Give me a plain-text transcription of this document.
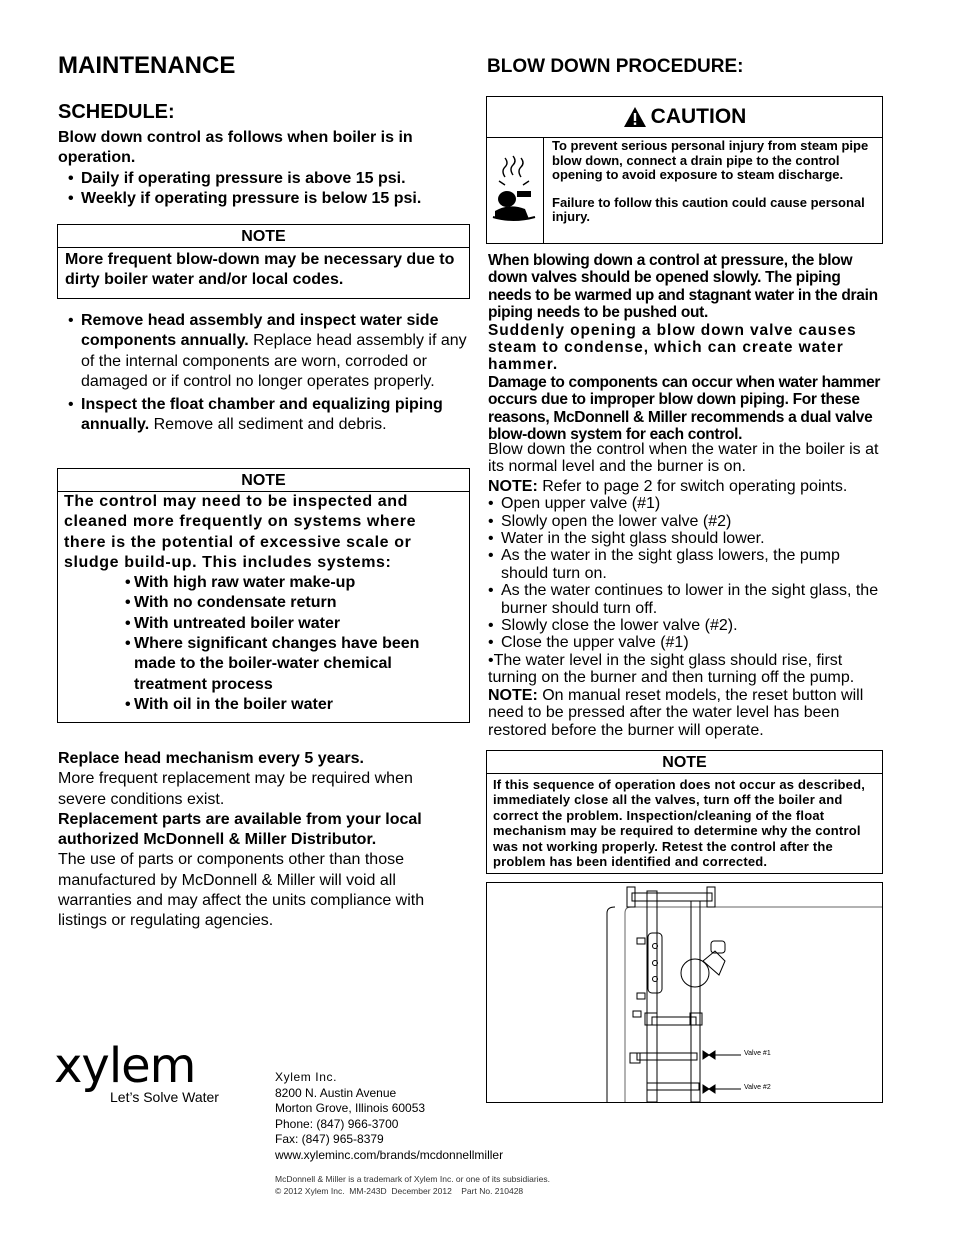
MAINTENANCE
SCHEDULE:
Blow down control as follows when boiler is in operation.
• Daily if operating pressure is above 15 psi.
• Weekly if operating pressure is below 15 psi.
NOTE
More frequent blow-down may be necessary due to dirty boiler water and/or local codes.
• Remove head assembly and inspect water side components annually. Replace head assembly if any of the internal components are worn, corroded or damaged or if control no longer operates properly.
• Inspect the float chamber and equalizing piping annually. Remove all sediment and debris.
NOTE
The control may need to be inspected and cleaned more frequently on systems where there is the potential of excessive scale or sludge build-up. This includes systems:
• With high raw water make-up
• With no condensate return
• With untreated boiler water
• Where significant changes have been made to the boiler-water chemical treatment process
• With oil in the boiler water
Replace head mechanism every 5 years.
More frequent replacement may be required when severe conditions exist.
Replacement parts are available from your local authorized McDonnell & Miller Distributor.
The use of parts or components other than those manufactured by McDonnell & Miller will void all warranties and may affect the units compliance with listings or regulating agencies.
BLOW DOWN PROCEDURE:
CAUTION
To prevent serious personal injury from steam pipe blow down, connect a drain pipe to the control opening to avoid exposure to steam discharge.
Failure to follow this caution could cause personal injury.
When blowing down a control at pressure, the blow down valves should be opened slowly. The piping needs to be warmed up and stagnant water in the drain piping needs to be pushed out.
Suddenly opening a blow down valve causes steam to condense, which can create water hammer.
Damage to components can occur when water hammer occurs due to improper blow down piping. For these reasons, McDonnell & Miller recommends a dual valve blow-down system for each control.
Blow down the control when the water in the boiler is at its normal level and the burner is on.
NOTE: Refer to page 2 for switch operating points.
• Open upper valve (#1)
• Slowly open the lower valve (#2)
• Water in the sight glass should lower.
• As the water in the sight glass lowers, the pump should turn on.
• As the water continues to lower in the sight glass, the burner should turn off.
• Slowly close the lower valve (#2).
• Close the upper valve (#1)
•The water level in the sight glass should rise, first turning on the burner and then turning off the pump.
NOTE: On manual reset models, the reset button will need to be pressed after the water level has been restored before the burner will operate.
NOTE
If this sequence of operation does not occur as described, immediately close all the valves, turn off the boiler and correct the problem. Inspection/cleaning of the float mechanism may be required to determine why the control was not working properly. Retest the control after the problem has been identified and corrected.
Valve #1
Valve #2
xylem
Let’s Solve Water
Xylem Inc.
8200 N. Austin Avenue
Morton Grove, Illinois 60053
Phone: (847) 966-3700
Fax: (847) 965-8379
www.xyleminc.com/brands/mcdonnellmiller
McDonnell & Miller is a trademark of Xylem Inc. or one of its subsidiaries.
© 2012 Xylem Inc.  MM-243D  December 2012    Part No. 210428
